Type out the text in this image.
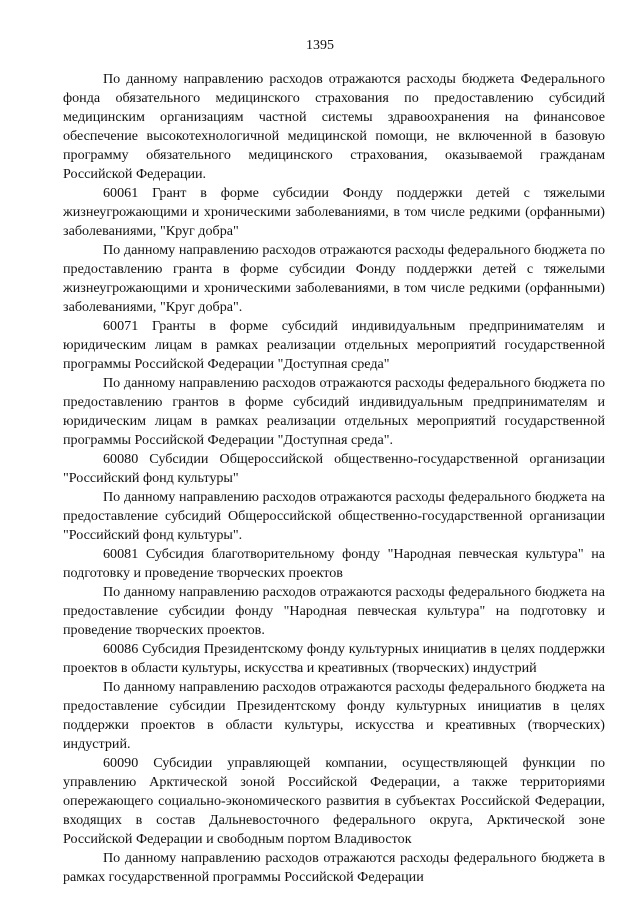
1395

По данному направлению расходов отражаются расходы бюджета Федерального фонда обязательного медицинского страхования по предоставлению субсидий медицинским организациям частной системы здравоохранения на финансовое обеспечение высокотехнологичной медицинской помощи, не включенной в базовую программу обязательного медицинского страхования, оказываемой гражданам Российской Федерации.

60061 Грант в форме субсидии Фонду поддержки детей с тяжелыми жизнеугрожающими и хроническими заболеваниями, в том числе редкими (орфанными) заболеваниями, "Круг добра"

По данному направлению расходов отражаются расходы федерального бюджета по предоставлению гранта в форме субсидии Фонду поддержки детей с тяжелыми жизнеугрожающими и хроническими заболеваниями, в том числе редкими (орфанными) заболеваниями, "Круг добра".

60071 Гранты в форме субсидий индивидуальным предпринимателям и юридическим лицам в рамках реализации отдельных мероприятий государственной программы Российской Федерации "Доступная среда"

По данному направлению расходов отражаются расходы федерального бюджета по предоставлению грантов в форме субсидий индивидуальным предпринимателям и юридическим лицам в рамках реализации отдельных мероприятий государственной программы Российской Федерации "Доступная среда".

60080 Субсидии Общероссийской общественно-государственной организации "Российский фонд культуры"

По данному направлению расходов отражаются расходы федерального бюджета на предоставление субсидий Общероссийской общественно-государственной организации "Российский фонд культуры".

60081 Субсидия благотворительному фонду "Народная певческая культура" на подготовку и проведение творческих проектов

По данному направлению расходов отражаются расходы федерального бюджета на предоставление субсидии фонду "Народная певческая культура" на подготовку и проведение творческих проектов.

60086 Субсидия Президентскому фонду культурных инициатив в целях поддержки проектов в области культуры, искусства и креативных (творческих) индустрий

По данному направлению расходов отражаются расходы федерального бюджета на предоставление субсидии Президентскому фонду культурных инициатив в целях поддержки проектов в области культуры, искусства и креативных (творческих) индустрий.

60090 Субсидии управляющей компании, осуществляющей функции по управлению Арктической зоной Российской Федерации, а также территориями опережающего социально-экономического развития в субъектах Российской Федерации, входящих в состав Дальневосточного федерального округа, Арктической зоне Российской Федерации и свободным портом Владивосток

По данному направлению расходов отражаются расходы федерального бюджета в рамках государственной программы Российской Федерации
